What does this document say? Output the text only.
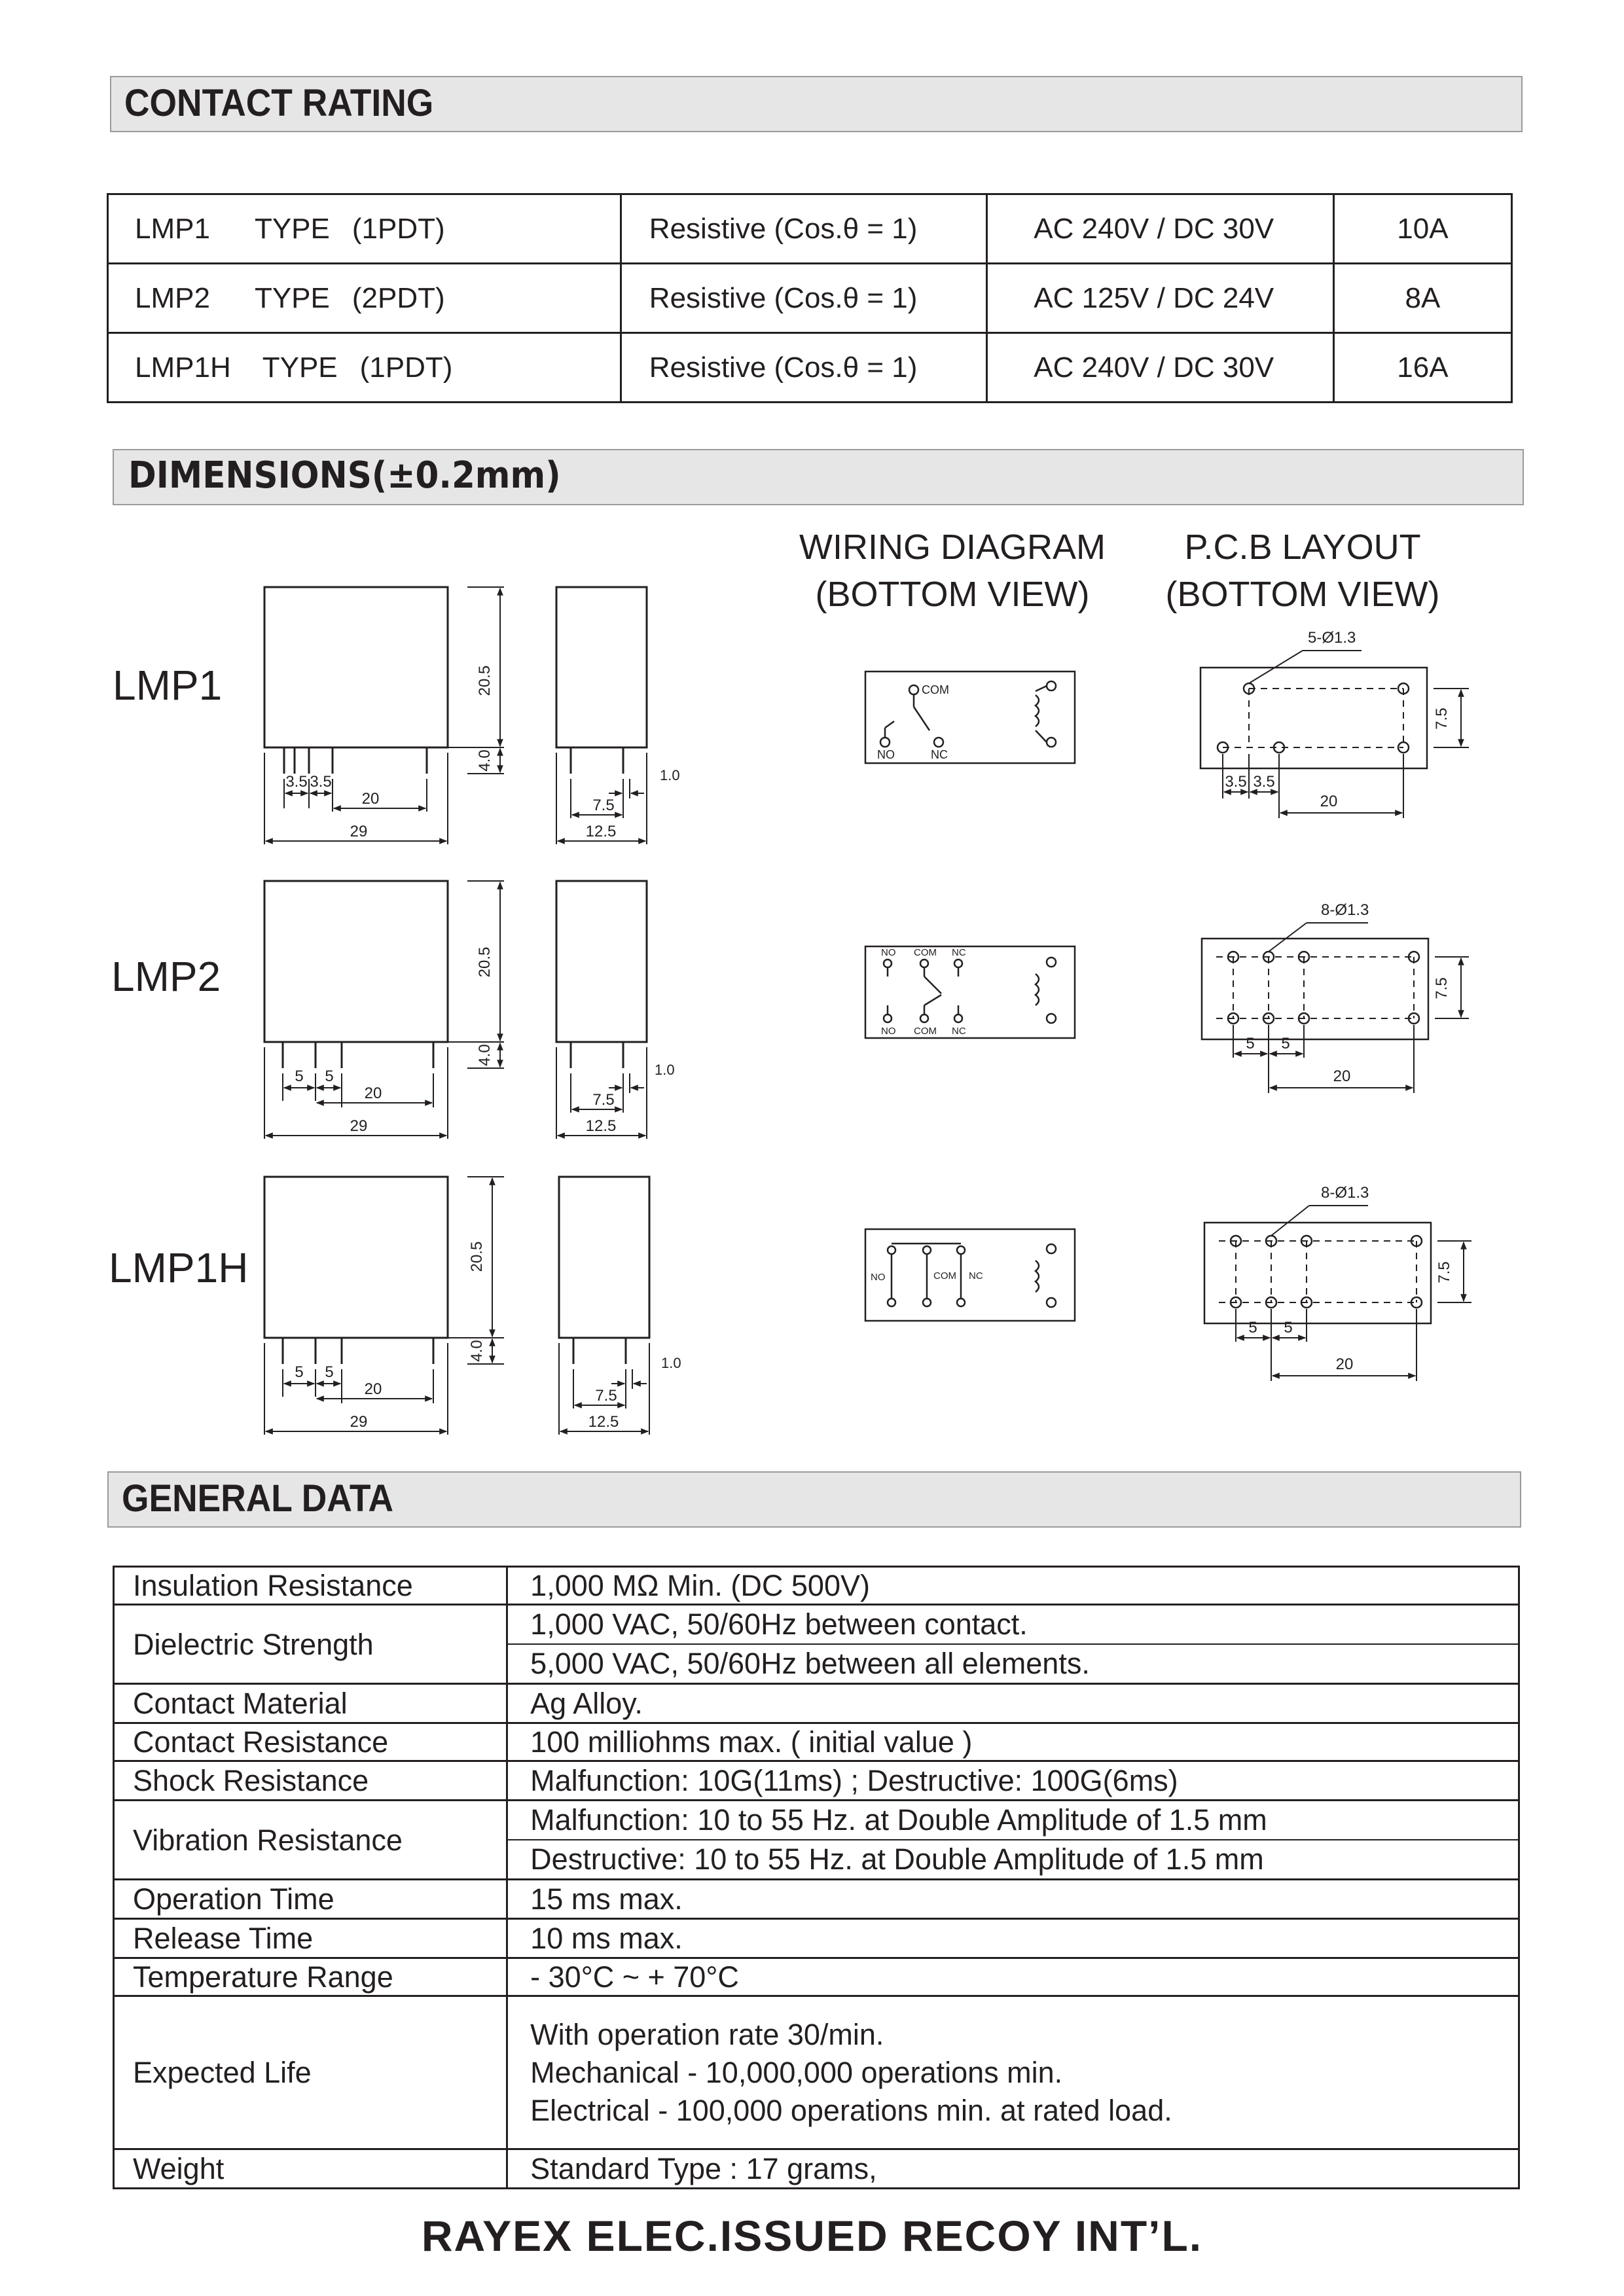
CONTACT RATING
LMP1 TYPE (1PDT)	Resistive (Cos.θ = 1)	AC 240V / DC 30V	10A
LMP2 TYPE (2PDT)	Resistive (Cos.θ = 1)	AC 125V / DC 24V	8A
LMP1H TYPE (1PDT)	Resistive (Cos.θ = 1)	AC 240V / DC 30V	16A
DIMENSIONS(±0.2mm)
WIRING DIAGRAM
(BOTTOM VIEW)
P.C.B LAYOUT
(BOTTOM VIEW)
LMP1
LMP2
LMP1H
20.5
4.0
3.5 3.5
20
29
7.5
12.5
1.0
20.5
4.0
5 5
20
29
7.5
12.5
1.0
20.5
4.0
5 5
20
29
7.5
12.5
1.0
COM
NO	NC
NO COM NC
NO COM NC
NO	COM NC
5-Ø1.3
7.5
3.5 3.5
20
8-Ø1.3
7.5
5 5
20
8-Ø1.3
7.5
5 5
20
GENERAL DATA
Insulation Resistance	1,000 MΩ Min. (DC 500V)
Dielectric Strength	1,000 VAC, 50/60Hz between contact.
5,000 VAC, 50/60Hz between all elements.

Contact Material	Ag Alloy.
Contact Resistance	100 milliohms max. ( initial value )
Shock Resistance	Malfunction: 10G(11ms) ; Destructive: 100G(6ms)
Vibration Resistance	Malfunction: 10 to 55 Hz. at Double Amplitude of 1.5 mm
Destructive: 10 to 55 Hz. at Double Amplitude of 1.5 mm

Operation Time	15 ms max.
Release Time	10 ms max.
Temperature Range	- 30°C ~ + 70°C
Expected Life	With operation rate 30/min.
Mechanical - 10,000,000 operations min.
Electrical - 100,000 operations min. at rated load.

Weight	Standard Type : 17 grams,
RAYEX ELEC.ISSUED RECOY INT’L.
